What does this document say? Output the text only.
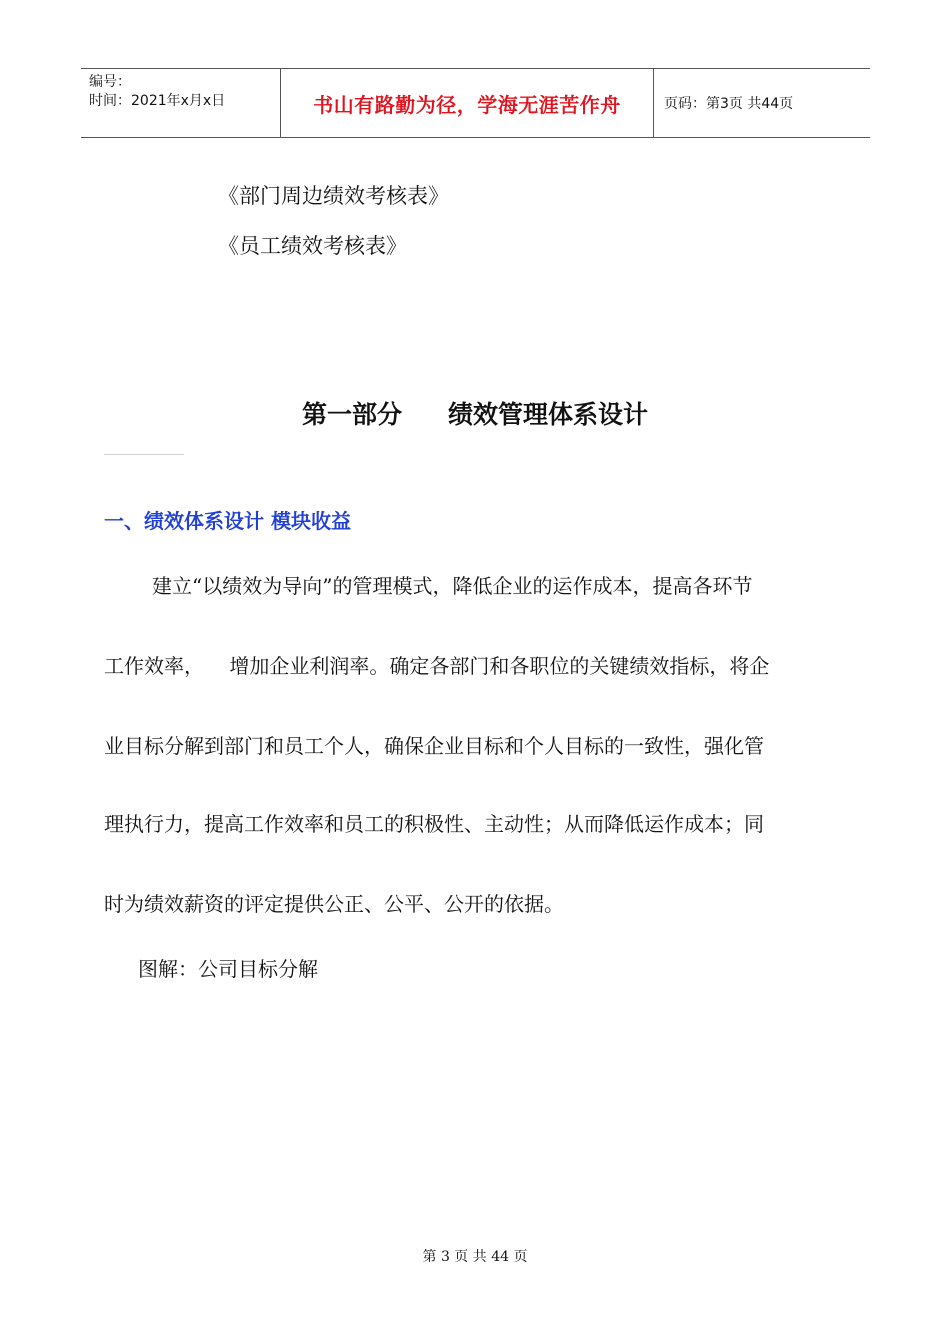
编号：
时间：2021年x月x日	书山有路勤为径，学海无涯苦作舟	页码：第3页 共44页
《部门周边绩效考核表》
《员工绩效考核表》
第一部分 绩效管理体系设计
一、绩效体系设计 模块收益
建立“以绩效为导向”的管理模式，降低企业的运作成本，提高各环节
工作效率，    增加企业利润率。确定各部门和各职位的关键绩效指标，将企
业目标分解到部门和员工个人，确保企业目标和个人目标的一致性，强化管
理执行力，提高工作效率和员工的积极性、主动性；从而降低运作成本；同
时为绩效薪资的评定提供公正、公平、公开的依据。
图解：公司目标分解
第 3 页 共 44 页
